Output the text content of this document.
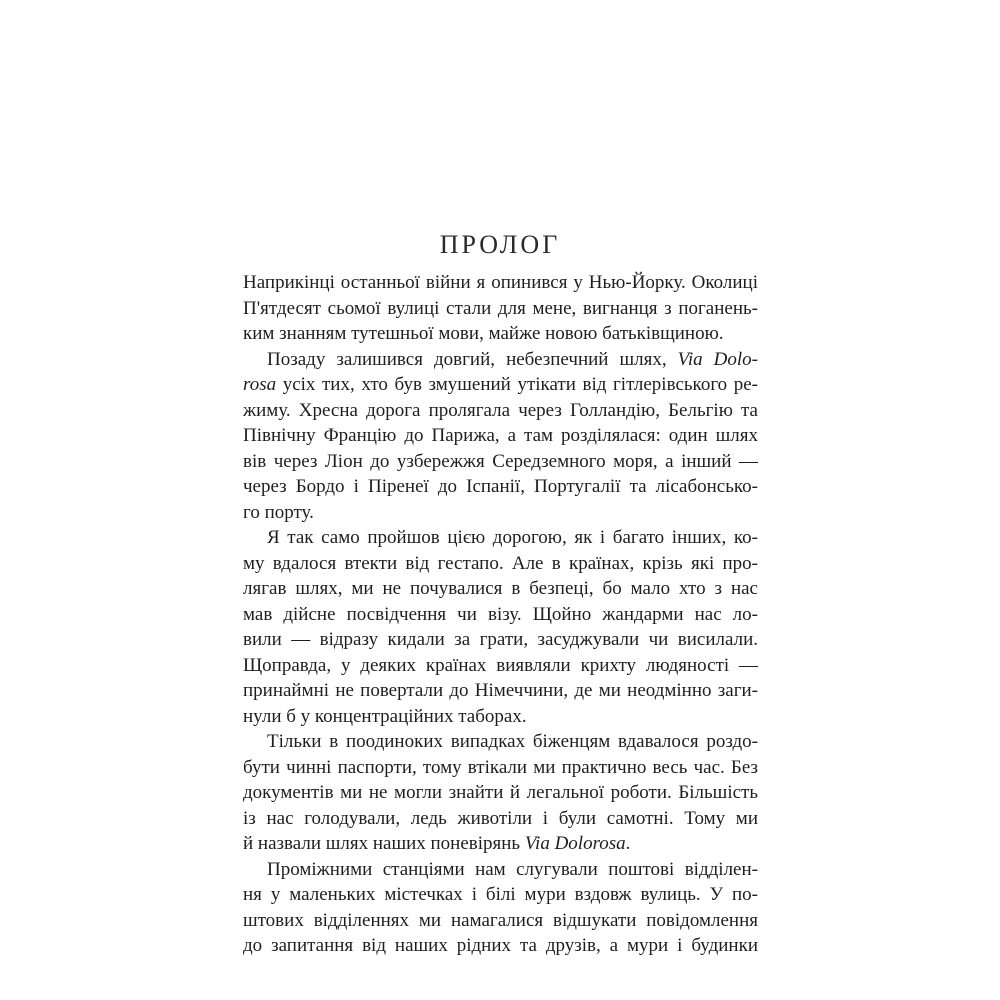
ПРОЛОГ
Наприкінці останньої війни я опинився у Нью-Йорку. Околиці
П'ятдесят сьомої вулиці стали для мене, вигнанця з поганень-
ким знанням тутешньої мови, майже новою батьківщиною.
Позаду залишився довгий, небезпечний шлях, Via Dolo-
rosa усіх тих, хто був змушений утікати від гітлерівського ре-
жиму. Хресна дорога пролягала через Голландію, Бельгію та
Північну Францію до Парижа, а там розділялася: один шлях
вів через Ліон до узбережжя Середземного моря, а інший —
через Бордо і Піренеї до Іспанії, Португалії та лісабонсько-
го порту.
Я так само пройшов цією дорогою, як і багато інших, ко-
му вдалося втекти від гестапо. Але в країнах, крізь які про-
лягав шлях, ми не почувалися в безпеці, бо мало хто з нас
мав дійсне посвідчення чи візу. Щойно жандарми нас ло-
вили — відразу кидали за грати, засуджували чи висилали.
Щоправда, у деяких країнах виявляли крихту людяності —
принаймні не повертали до Німеччини, де ми неодмінно заги-
нули б у концентраційних таборах.
Тільки в поодиноких випадках біженцям вдавалося роздо-
бути чинні паспорти, тому втікали ми практично весь час. Без
документів ми не могли знайти й легальної роботи. Більшість
із нас голодували, ледь животіли і були самотні. Тому ми
й назвали шлях наших поневірянь Via Dolorosa.
Проміжними станціями нам слугували поштові відділен-
ня у маленьких містечках і білі мури вздовж вулиць. У по-
штових відділеннях ми намагалися відшукати повідомлення
до запитання від наших рідних та друзів, а мури і будинки
